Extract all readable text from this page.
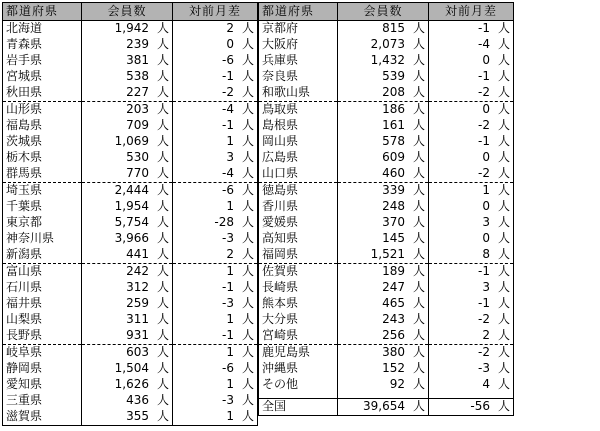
都道府県	会員数	対前月差
北海道	1,942 人	2 人
青森県	239 人	0 人
岩手県	381 人	-6 人
宮城県	538 人	-1 人
秋田県	227 人	-2 人
山形県	203 人	-4 人
福島県	709 人	-1 人
茨城県	1,069 人	1 人
栃木県	530 人	3 人
群馬県	770 人	-4 人
埼玉県	2,444 人	-6 人
千葉県	1,954 人	1 人
東京都	5,754 人	-28 人
神奈川県	3,966 人	-3 人
新潟県	441 人	2 人
富山県	242 人	1 人
石川県	312 人	-1 人
福井県	259 人	-3 人
山梨県	311 人	1 人
長野県	931 人	-1 人
岐阜県	603 人	1 人
静岡県	1,504 人	-6 人
愛知県	1,626 人	1 人
三重県	436 人	-3 人
滋賀県	355 人	1 人
都道府県	会員数	対前月差
京都府	815 人	-1 人
大阪府	2,073 人	-4 人
兵庫県	1,432 人	0 人
奈良県	539 人	-1 人
和歌山県	208 人	-2 人
鳥取県	186 人	0 人
島根県	161 人	-2 人
岡山県	578 人	-1 人
広島県	609 人	0 人
山口県	460 人	-2 人
徳島県	339 人	1 人
香川県	248 人	0 人
愛媛県	370 人	3 人
高知県	145 人	0 人
福岡県	1,521 人	8 人
佐賀県	189 人	-1 人
長崎県	247 人	3 人
熊本県	465 人	-1 人
大分県	243 人	-2 人
宮崎県	256 人	2 人
鹿児島県	380 人	-2 人
沖縄県	152 人	-3 人
その他	92 人	4 人

全国	39,654 人	-56 人
